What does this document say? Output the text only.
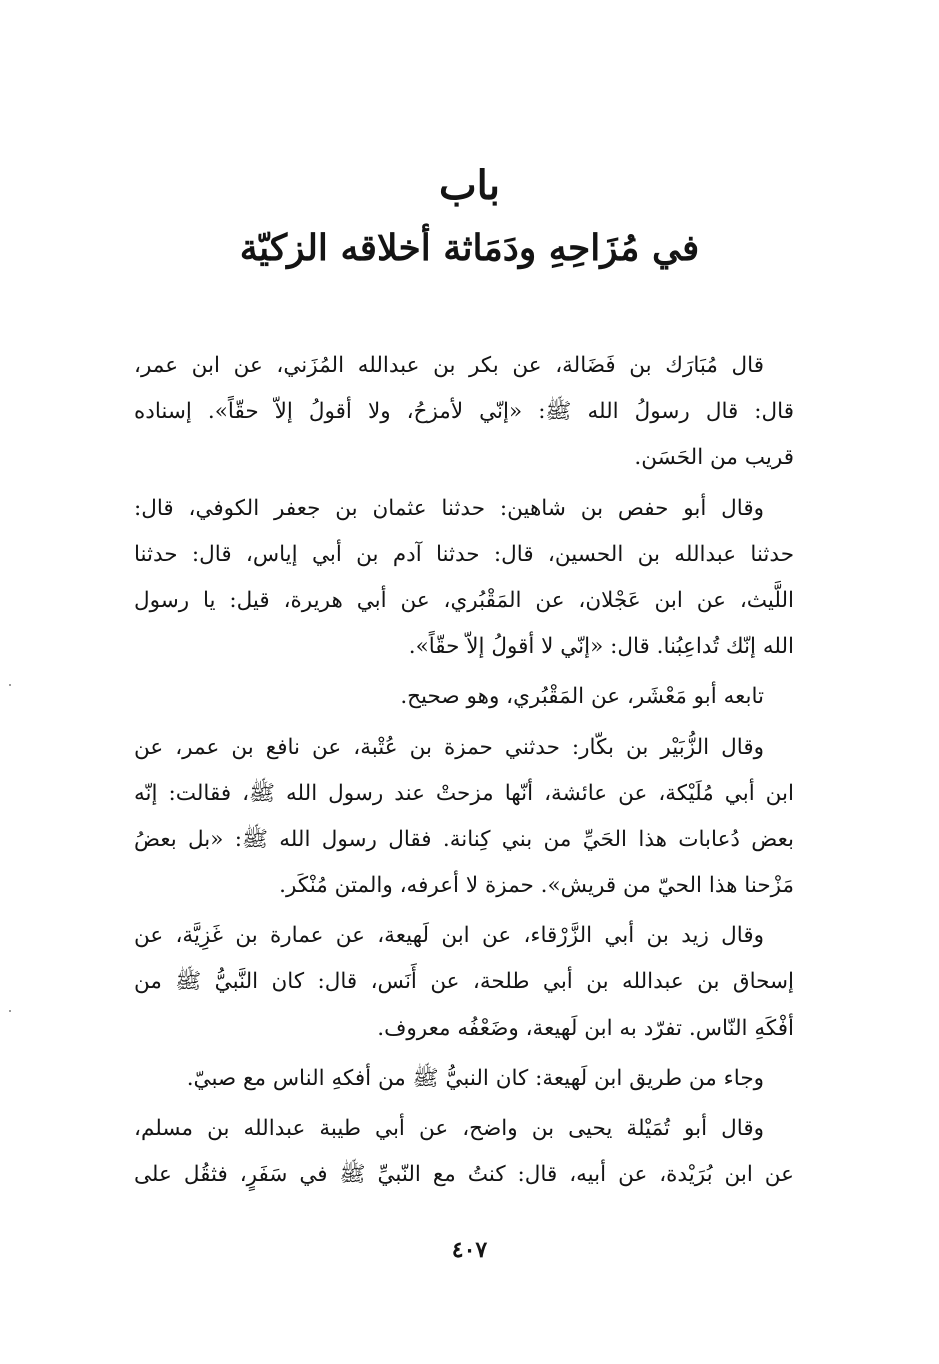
باب
في مُزَاحِهِ ودَمَاثة أخلاقه الزكيّة
قال مُبَارَك بن فَضَالة، عن بكر بن عبدالله المُزَني، عن ابن عمر،
قال: قال رسولُ الله ﷺ: «إنّي لأمزحُ، ولا أقولُ إلاّ حقّاً». إسناده
قريب من الحَسَن.
وقال أبو حفص بن شاهين: حدثنا عثمان بن جعفر الكوفي، قال:
حدثنا عبدالله بن الحسين، قال: حدثنا آدم بن أبي إياس، قال: حدثنا
اللَّيث، عن ابن عَجْلان، عن المَقْبُري، عن أبي هريرة، قيل: يا رسول
الله إنّك تُداعِبُنا. قال: «إنّي لا أقولُ إلاّ حقّاً».
تابعه أبو مَعْشَر، عن المَقْبُري، وهو صحيح.
وقال الزُّبَيْر بن بكّار: حدثني حمزة بن عُتْبة، عن نافع بن عمر، عن
ابن أبي مُلَيْكة، عن عائشة، أنّها مزحتْ عند رسول الله ﷺ، فقالت: إنّه
بعض دُعابات هذا الحَيِّ من بني كِنانة. فقال رسول الله ﷺ: «بل بعضُ
مَزْحنا هذا الحيّ من قريش». حمزة لا أعرفه، والمتن مُنْكَر.
وقال زيد بن أبي الزَّرْقاء، عن ابن لَهيعة، عن عمارة بن غَزِيَّة، عن
إسحاق بن عبدالله بن أبي طلحة، عن أَنَس، قال: كان النَّبيُّ ﷺ من
أفْكَهِ النّاس. تفرّد به ابن لَهيعة، وضَعْفُه معروف.
وجاء من طريق ابن لَهيعة: كان النبيُّ ﷺ من أفكهِ الناس مع صبيّ.
وقال أبو تُمَيْلة يحيى بن واضح، عن أبي طيبة عبدالله بن مسلم،
عن ابن بُرَيْدة، عن أبيه، قال: كنتُ مع النّبيِّ ﷺ في سَفَرٍ، فثقُل على
٤٠٧
